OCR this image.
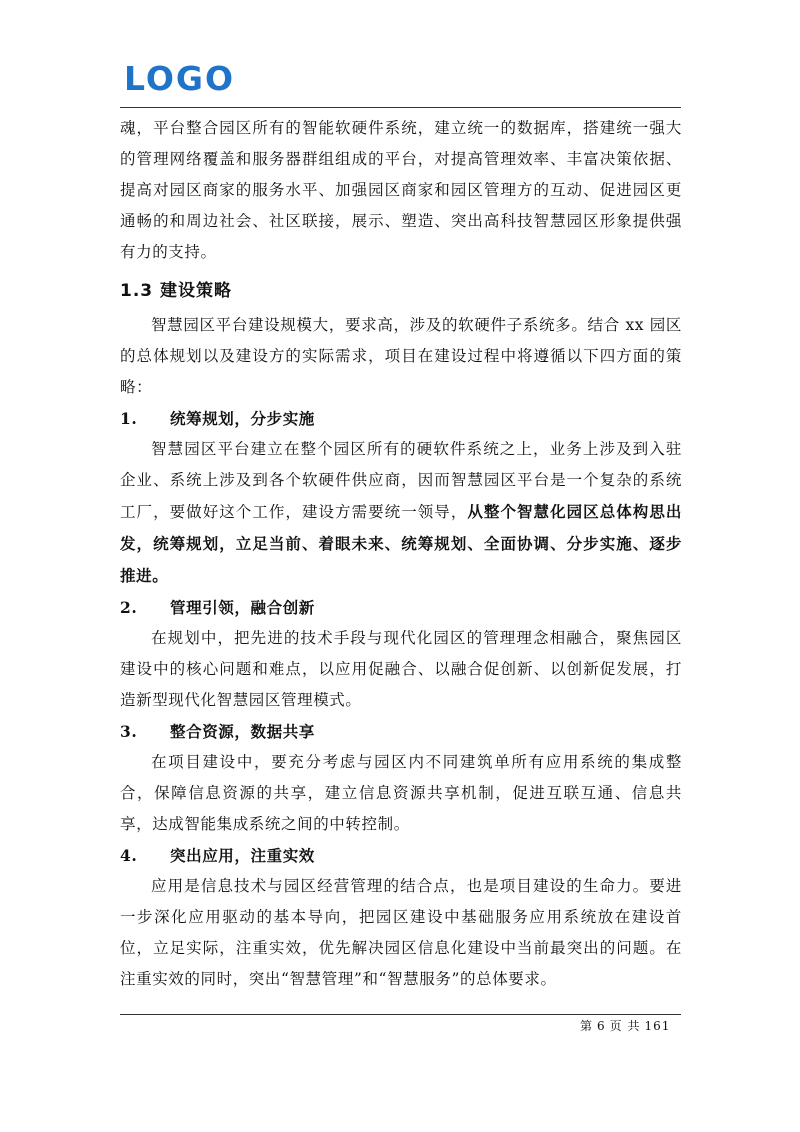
LOGO

魂，平台整合园区所有的智能软硬件系统，建立统一的数据库，搭建统一强大的管理网络覆盖和服务器群组组成的平台，对提高管理效率、丰富决策依据、提高对园区商家的服务水平、加强园区商家和园区管理方的互动、促进园区更通畅的和周边社会、社区联接，展示、塑造、突出高科技智慧园区形象提供强有力的支持。

1.3 建设策略

智慧园区平台建设规模大，要求高，涉及的软硬件子系统多。结合 xx 园区的总体规划以及建设方的实际需求，项目在建设过程中将遵循以下四方面的策略：

1. 统筹规划，分步实施

智慧园区平台建立在整个园区所有的硬软件系统之上，业务上涉及到入驻企业、系统上涉及到各个软硬件供应商，因而智慧园区平台是一个复杂的系统工厂，要做好这个工作，建设方需要统一领导，从整个智慧化园区总体构思出发，统筹规划，立足当前、着眼未来、统筹规划、全面协调、分步实施、逐步推进。

2. 管理引领，融合创新

在规划中，把先进的技术手段与现代化园区的管理理念相融合，聚焦园区建设中的核心问题和难点，以应用促融合、以融合促创新、以创新促发展，打造新型现代化智慧园区管理模式。

3. 整合资源，数据共享

在项目建设中，要充分考虑与园区内不同建筑单所有应用系统的集成整合，保障信息资源的共享，建立信息资源共享机制，促进互联互通、信息共享，达成智能集成系统之间的中转控制。

4. 突出应用，注重实效

应用是信息技术与园区经营管理的结合点，也是项目建设的生命力。要进一步深化应用驱动的基本导向，把园区建设中基础服务应用系统放在建设首位，立足实际，注重实效，优先解决园区信息化建设中当前最突出的问题。在注重实效的同时，突出“智慧管理”和“智慧服务”的总体要求。

第 6 页 共 161
